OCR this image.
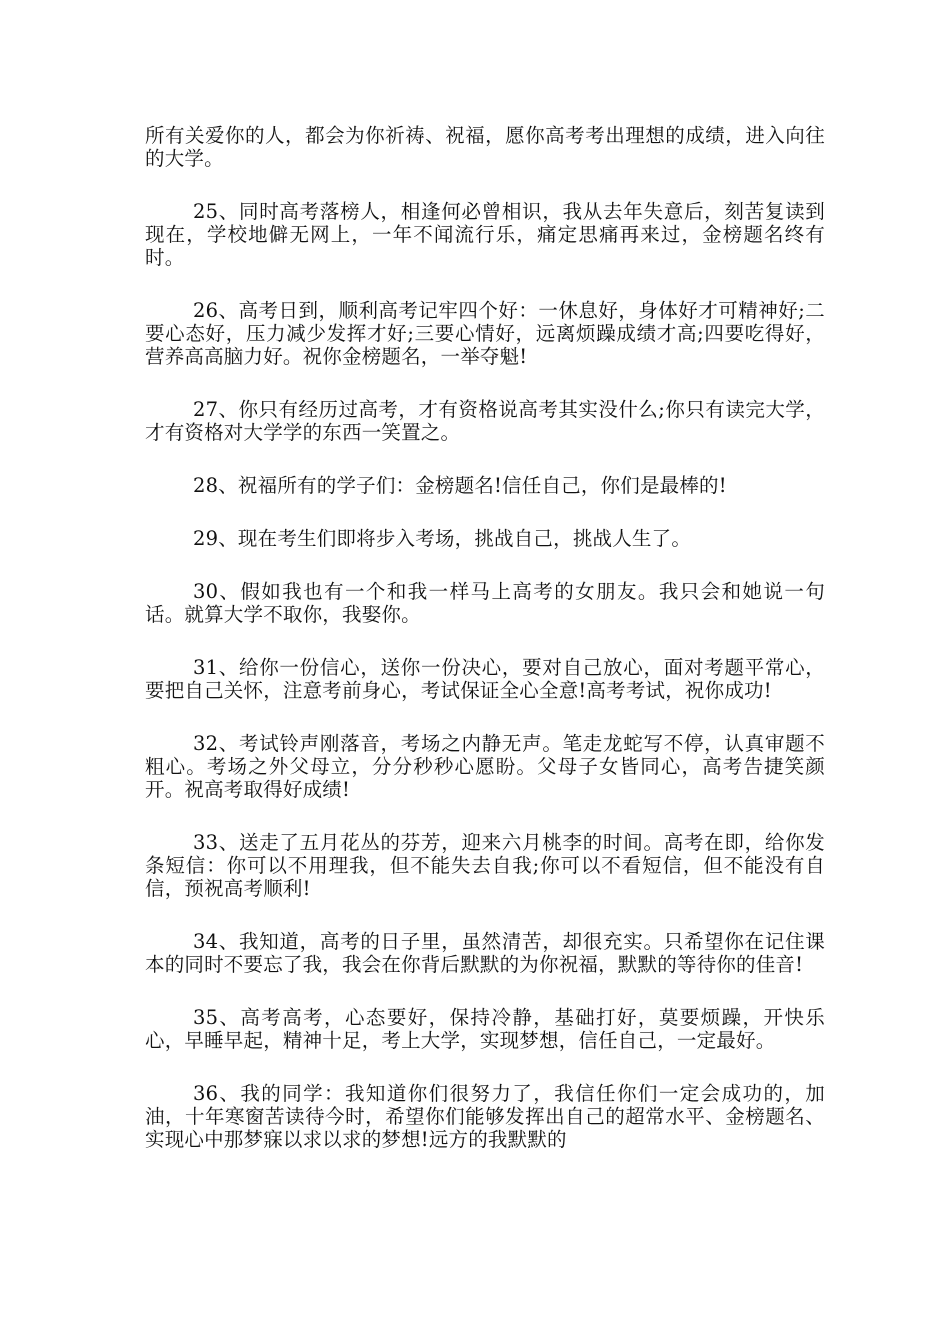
所有关爱你的人，都会为你祈祷、祝福，愿你高考考出理想的成绩，进入向往的大学。

25、同时高考落榜人，相逢何必曾相识，我从去年失意后，刻苦复读到现在，学校地僻无网上，一年不闻流行乐，痛定思痛再来过，金榜题名终有时。

26、高考日到，顺利高考记牢四个好：一休息好，身体好才可精神好;二要心态好，压力减少发挥才好;三要心情好，远离烦躁成绩才高;四要吃得好，营养高高脑力好。祝你金榜题名，一举夺魁!

27、你只有经历过高考，才有资格说高考其实没什么;你只有读完大学，才有资格对大学学的东西一笑置之。

28、祝福所有的学子们：金榜题名!信任自己，你们是最棒的!

29、现在考生们即将步入考场，挑战自己，挑战人生了。

30、假如我也有一个和我一样马上高考的女朋友。我只会和她说一句话。就算大学不取你，我娶你。

31、给你一份信心，送你一份决心，要对自己放心，面对考题平常心，要把自己关怀，注意考前身心，考试保证全心全意!高考考试，祝你成功!

32、考试铃声刚落音，考场之内静无声。笔走龙蛇写不停，认真审题不粗心。考场之外父母立，分分秒秒心愿盼。父母子女皆同心，高考告捷笑颜开。祝高考取得好成绩!

33、送走了五月花丛的芬芳，迎来六月桃李的时间。高考在即，给你发条短信：你可以不用理我，但不能失去自我;你可以不看短信，但不能没有自信，预祝高考顺利!

34、我知道，高考的日子里，虽然清苦，却很充实。只希望你在记住课本的同时不要忘了我，我会在你背后默默的为你祝福，默默的等待你的佳音!

35、高考高考，心态要好，保持冷静，基础打好，莫要烦躁，开快乐心，早睡早起，精神十足，考上大学，实现梦想，信任自己，一定最好。

36、我的同学：我知道你们很努力了，我信任你们一定会成功的，加油，十年寒窗苦读待今时，希望你们能够发挥出自己的超常水平、金榜题名、实现心中那梦寐以求以求的梦想!远方的我默默的
